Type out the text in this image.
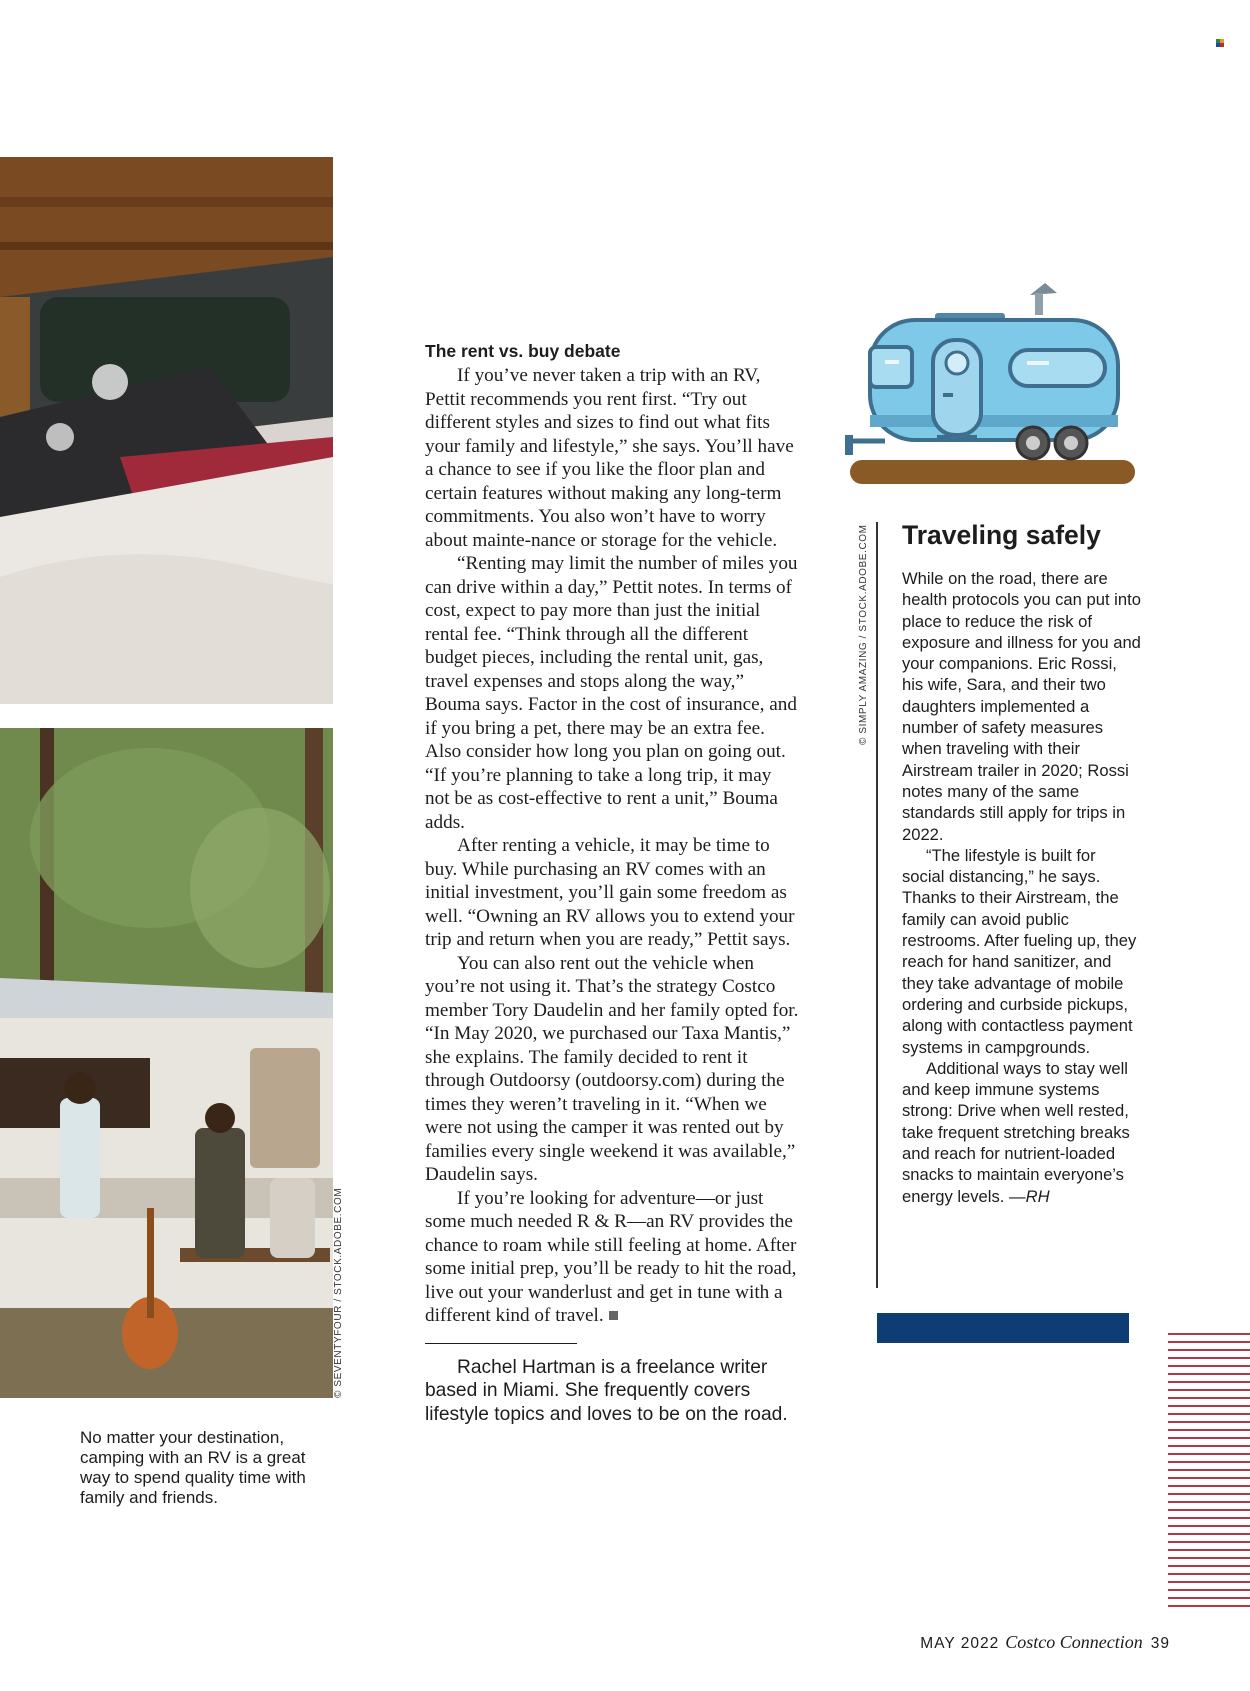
© SIMPLY AMAZING / STOCK.ADOBE.COM
© SEVENTYFOUR / STOCK.ADOBE.COM
No matter your destination, camping with an RV is a great way to spend quality time with family and friends.
The rent vs. buy debate

If you’ve never taken a trip with an RV, Pettit recommends you rent first. “Try out different styles and sizes to find out what fits your family and lifestyle,” she says. You’ll have a chance to see if you like the floor plan and certain features without making any long-term commitments. You also won’t have to worry about mainte-nance or storage for the vehicle.

“Renting may limit the number of miles you can drive within a day,” Pettit notes. In terms of cost, expect to pay more than just the initial rental fee. “Think through all the different budget pieces, including the rental unit, gas, travel expenses and stops along the way,” Bouma says. Factor in the cost of insurance, and if you bring a pet, there may be an extra fee. Also consider how long you plan on going out. “If you’re planning to take a long trip, it may not be as cost-effective to rent a unit,” Bouma adds.

After renting a vehicle, it may be time to buy. While purchasing an RV comes with an initial investment, you’ll gain some freedom as well. “Owning an RV allows you to extend your trip and return when you are ready,” Pettit says.

You can also rent out the vehicle when you’re not using it. That’s the strategy Costco member Tory Daudelin and her family opted for. “In May 2020, we purchased our Taxa Mantis,” she explains. The family decided to rent it through Outdoorsy (outdoorsy.com) during the times they weren’t traveling in it. “When we were not using the camper it was rented out by families every single weekend it was available,” Daudelin says.

If you’re looking for adventure—or just some much needed R & R—an RV provides the chance to roam while still feeling at home. After some initial prep, you’ll be ready to hit the road, live out your wanderlust and get in tune with a different kind of travel.

Rachel Hartman is a freelance writer based in Miami. She frequently covers lifestyle topics and loves to be on the road.

Traveling safely

While on the road, there are health protocols you can put into place to reduce the risk of exposure and illness for you and your companions. Eric Rossi, his wife, Sara, and their two daughters implemented a number of safety measures when traveling with their Airstream trailer in 2020; Rossi notes many of the same standards still apply for trips in 2022.

“The lifestyle is built for social distancing,” he says. Thanks to their Airstream, the family can avoid public restrooms. After fueling up, they reach for hand sanitizer, and they take advantage of mobile ordering and curbside pickups, along with contactless payment systems in campgrounds.

Additional ways to stay well and keep immune systems strong: Drive when well rested, take frequent stretching breaks and reach for nutrient-loaded snacks to maintain everyone’s energy levels. —RH

MAY 2022 Costco Connection 39
